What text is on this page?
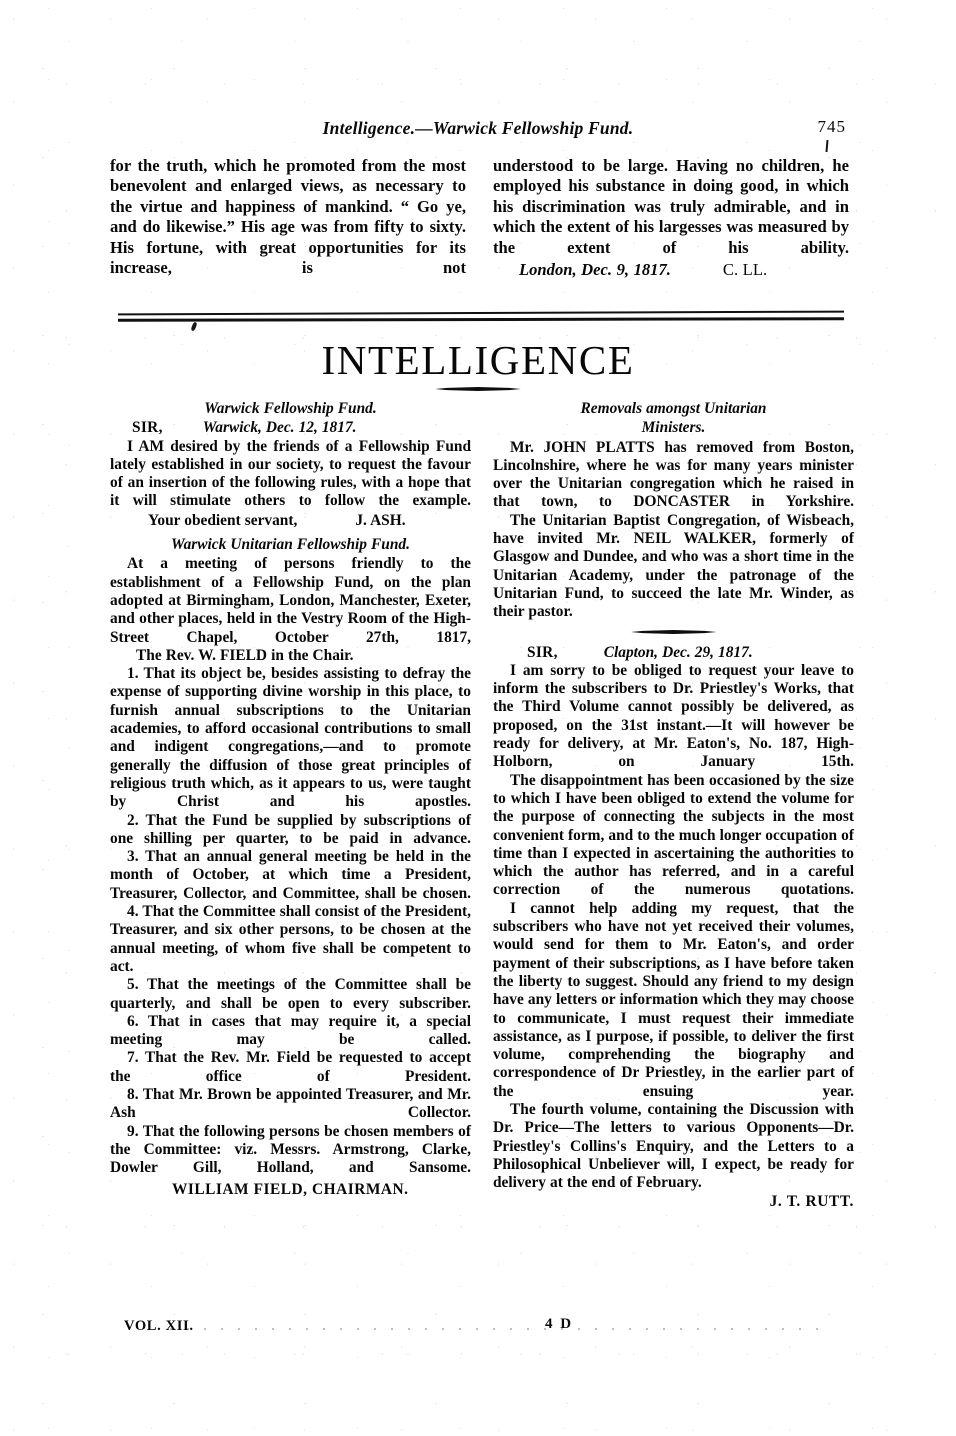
Intelligence.—Warwick Fellowship Fund.	745

for the truth, which he promoted from the most benevolent and enlarged views, as necessary to the virtue and happiness of mankind. “ Go ye, and do likewise.” His age was from fifty to sixty. His fortune, with great opportunities for its increase, is not

understood to be large. Having no children, he employed his substance in doing good, in which his discrimination was truly admirable, and in which the extent of his largesses was measured by the extent of his ability.

London, Dec. 9, 1817.	C. LL.

INTELLIGENCE

Warwick Fellowship Fund.

SIR,	Warwick, Dec. 12, 1817.

I AM desired by the friends of a Fellowship Fund lately established in our society, to request the favour of an insertion of the following rules, with a hope that it will stimulate others to follow the example.

Your obedient servant,	J. ASH.

Warwick Unitarian Fellowship Fund.

At a meeting of persons friendly to the establishment of a Fellowship Fund, on the plan adopted at Birmingham, London, Manchester, Exeter, and other places, held in the Vestry Room of the High-Street Chapel, October 27th, 1817,

The Rev. W. FIELD in the Chair.

1. That its object be, besides assisting to defray the expense of supporting divine worship in this place, to furnish annual subscriptions to the Unitarian academies, to afford occasional contributions to small and indigent congregations,—and to promote generally the diffusion of those great principles of religious truth which, as it appears to us, were taught by Christ and his apostles.

2. That the Fund be supplied by subscriptions of one shilling per quarter, to be paid in advance.

3. That an annual general meeting be held in the month of October, at which time a President, Treasurer, Collector, and Committee, shall be chosen.

4. That the Committee shall consist of the President, Treasurer, and six other persons, to be chosen at the annual meeting, of whom five shall be competent to act.

5. That the meetings of the Committee shall be quarterly, and shall be open to every subscriber.

6. That in cases that may require it, a special meeting may be called.

7. That the Rev. Mr. Field be requested to accept the office of President.

8. That Mr. Brown be appointed Treasurer, and Mr. Ash Collector.

9. That the following persons be chosen members of the Committee: viz. Messrs. Armstrong, Clarke, Dowler Gill, Holland, and Sansome.

WILLIAM FIELD, CHAIRMAN.

Removals amongst Unitarian

Ministers.

Mr. JOHN PLATTS has removed from Boston, Lincolnshire, where he was for many years minister over the Unitarian congregation which he raised in that town, to DONCASTER in Yorkshire.

The Unitarian Baptist Congregation, of Wisbeach, have invited Mr. NEIL WALKER, formerly of Glasgow and Dundee, and who was a short time in the Unitarian Academy, under the patronage of the Unitarian Fund, to succeed the late Mr. Winder, as their pastor.

SIR,	Clapton, Dec. 29, 1817.

I am sorry to be obliged to request your leave to inform the subscribers to Dr. Priestley's Works, that the Third Volume cannot possibly be delivered, as proposed, on the 31st instant.—It will however be ready for delivery, at Mr. Eaton's, No. 187, High-Holborn, on January 15th.

The disappointment has been occasioned by the size to which I have been obliged to extend the volume for the purpose of connecting the subjects in the most convenient form, and to the much longer occupation of time than I expected in ascertaining the authorities to which the author has referred, and in a careful correction of the numerous quotations.

I cannot help adding my request, that the subscribers who have not yet received their volumes, would send for them to Mr. Eaton's, and order payment of their subscriptions, as I have before taken the liberty to suggest. Should any friend to my design have any letters or information which they may choose to communicate, I must request their immediate assistance, as I purpose, if possible, to deliver the first volume, comprehending the biography and correspondence of Dr Priestley, in the earlier part of the ensuing year.

The fourth volume, containing the Discussion with Dr. Price—The letters to various Opponents—Dr. Priestley's Collins's Enquiry, and the Letters to a Philosophical Unbeliever will, I expect, be ready for delivery at the end of February.

J. T. RUTT.

VOL. XII.	4 D
